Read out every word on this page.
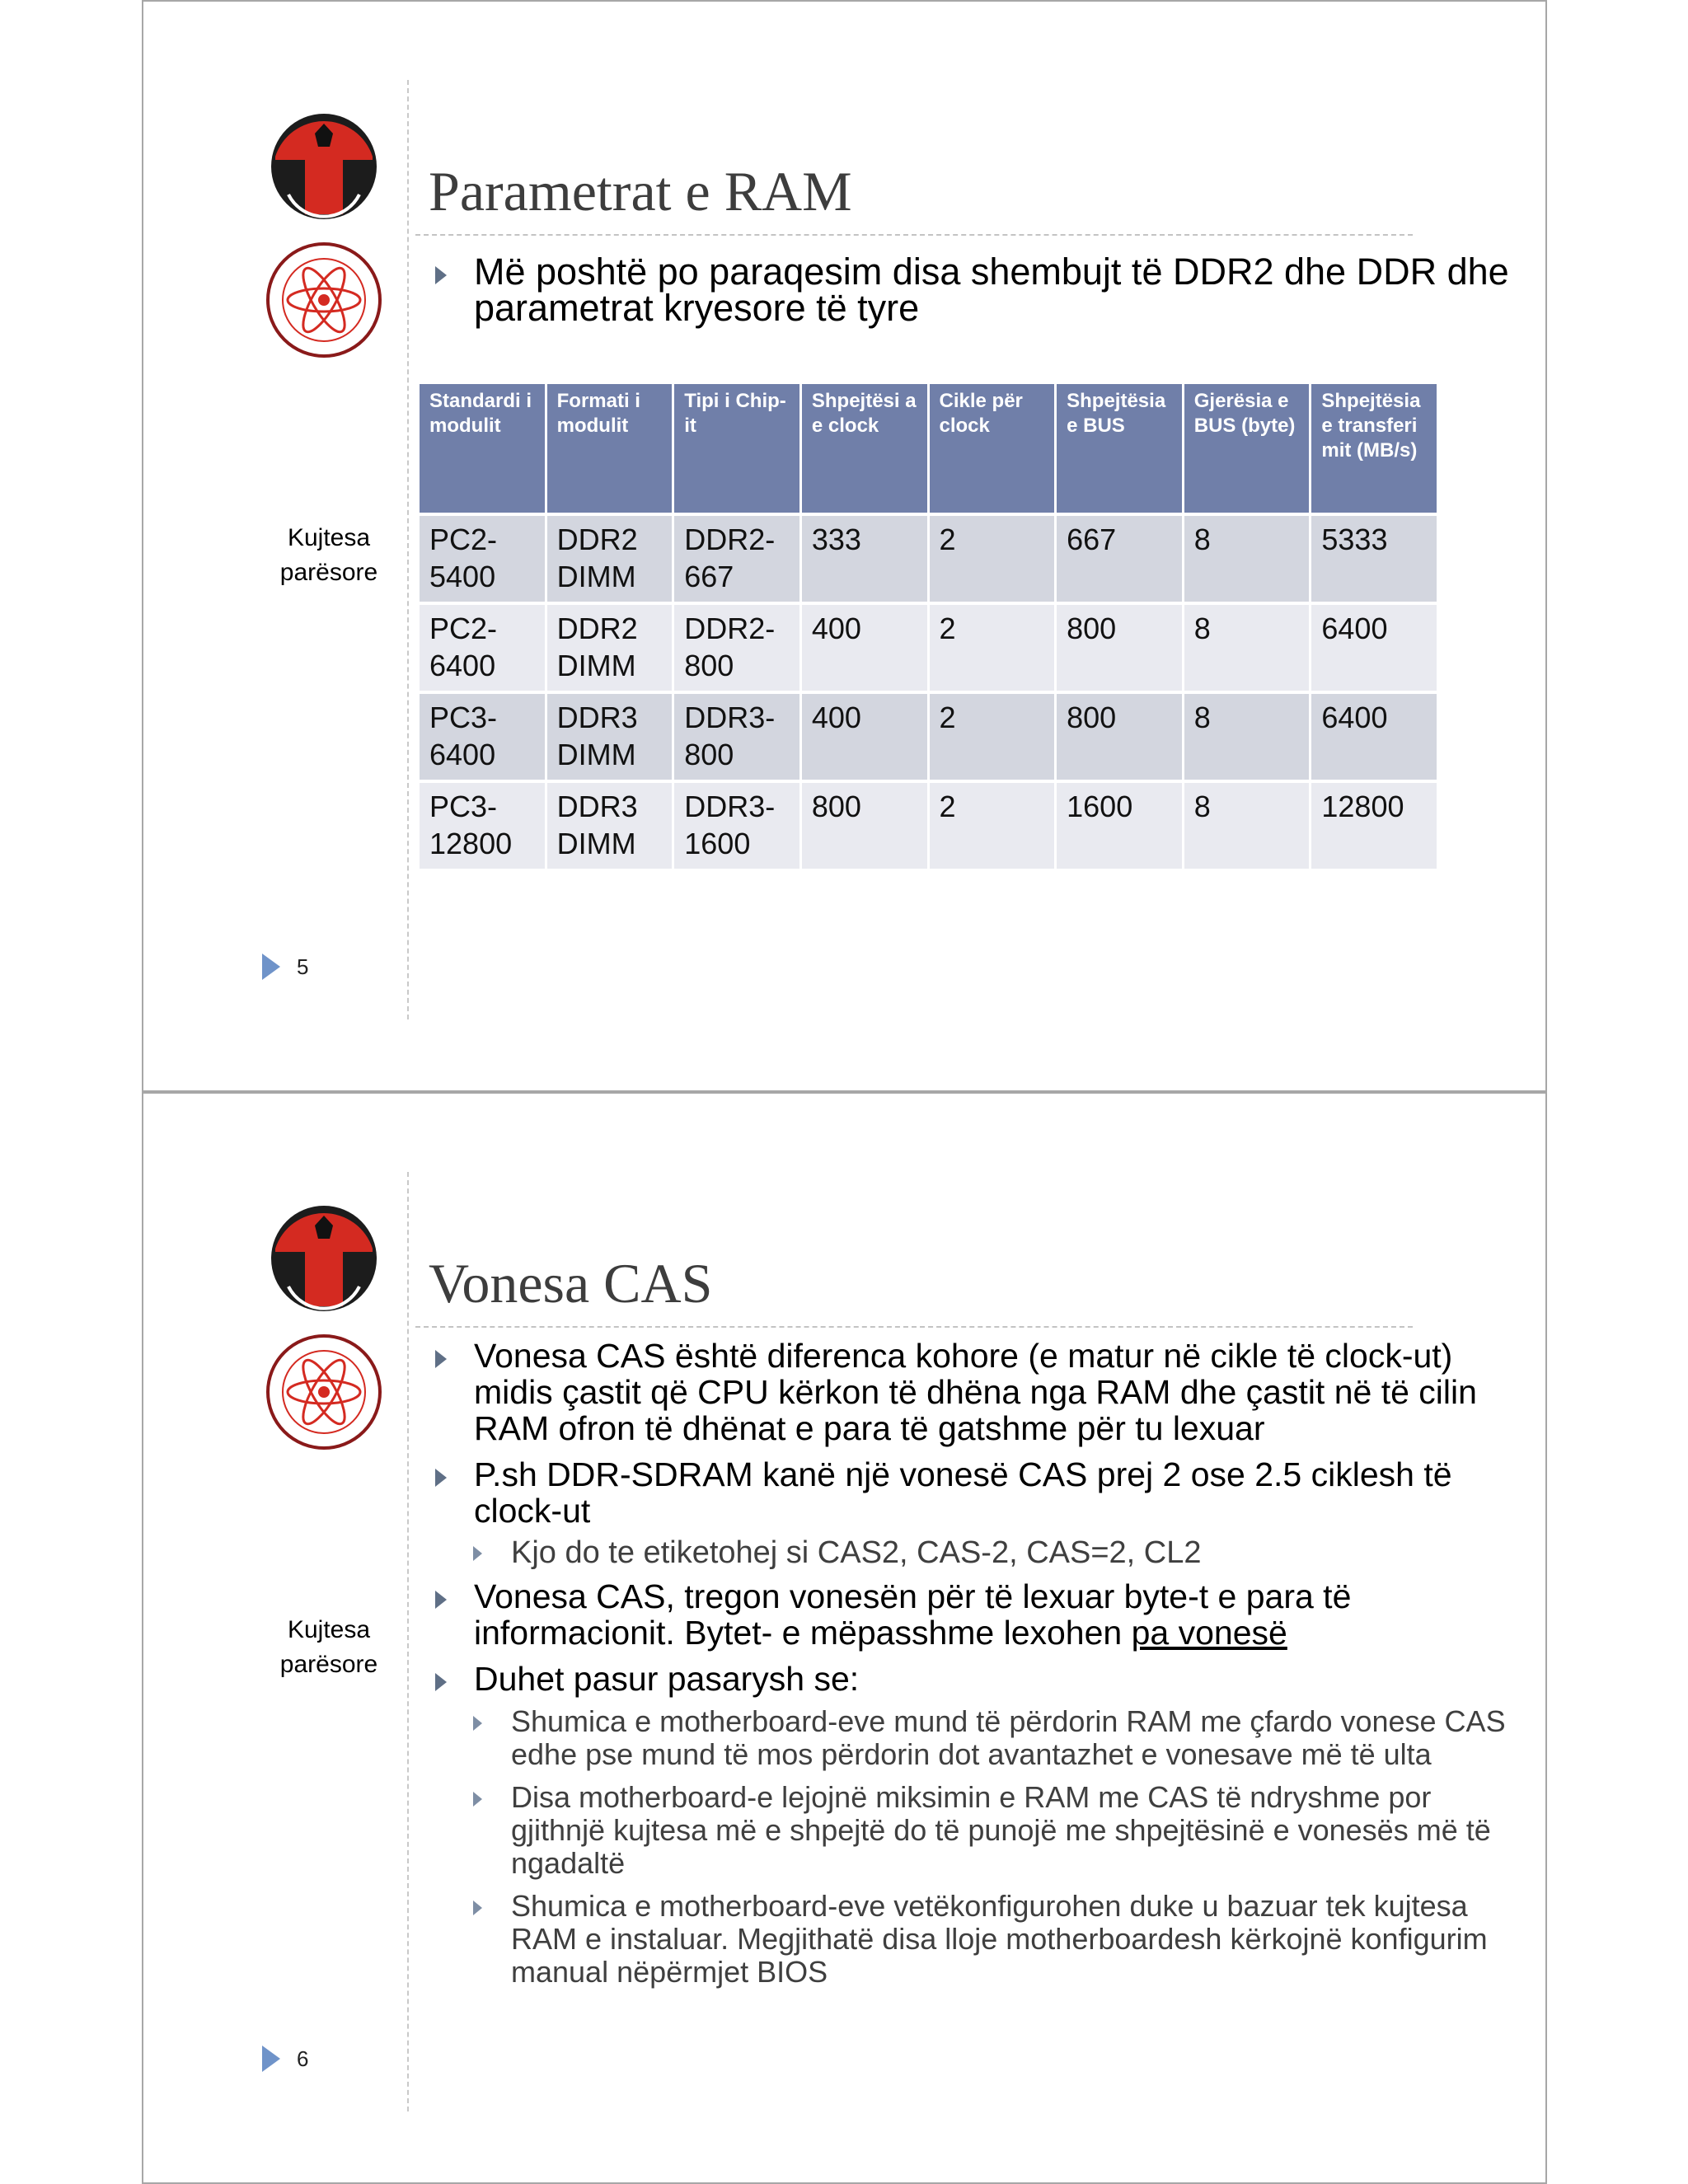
Kujtesa
parësore
5
Parametrat e RAM
Më poshtë po paraqesim disa shembujt të DDR2 dhe DDR dhe parametrat kryesore të tyre
Standardi i modulit	Formati i modulit	Tipi i Chip-it	Shpejtësi a e clock	Cikle për clock	Shpejtësia e BUS	Gjerësia e BUS (byte)	Shpejtësia e transferi mit (MB/s)
PC2-5400	DDR2 DIMM	DDR2-667	333	2	667	8	5333
PC2-6400	DDR2 DIMM	DDR2-800	400	2	800	8	6400
PC3-6400	DDR3 DIMM	DDR3-800	400	2	800	8	6400
PC3-12800	DDR3 DIMM	DDR3-1600	800	2	1600	8	12800
Kujtesa
parësore
6
Vonesa CAS
Vonesa CAS është diferenca kohore (e matur në cikle të clock-ut) midis çastit që CPU kërkon të dhëna nga RAM dhe çastit në të cilin RAM ofron të dhënat e para të gatshme për tu lexuar
P.sh DDR-SDRAM kanë një vonesë CAS prej 2 ose 2.5 ciklesh të clock-ut
Kjo do te etiketohej si CAS2, CAS-2, CAS=2, CL2
Vonesa CAS, tregon vonesën për të lexuar byte-t e para të informacionit. Bytet- e mëpasshme lexohen pa vonesë
Duhet pasur pasarysh se:
Shumica e motherboard-eve mund të përdorin RAM me çfardo vonese CAS edhe pse mund të mos përdorin dot avantazhet e vonesave më të ulta
Disa motherboard-e lejojnë miksimin e RAM me CAS të ndryshme por gjithnjë kujtesa më e shpejtë do të punojë me shpejtësinë e vonesës më të ngadaltë
Shumica e motherboard-eve vetëkonfigurohen duke u bazuar tek kujtesa RAM e instaluar. Megjithatë disa lloje motherboardesh kërkojnë konfigurim manual nëpërmjet BIOS
